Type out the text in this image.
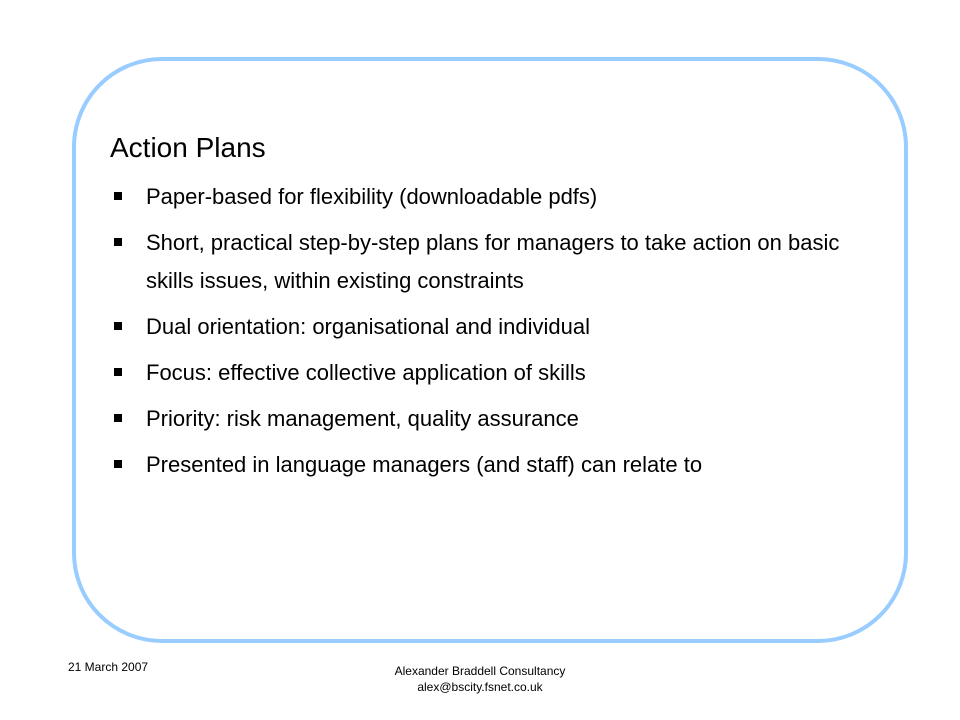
Action Plans
Paper-based for flexibility (downloadable pdfs)
Short, practical step-by-step plans for managers to take action on basic skills issues, within existing constraints
Dual orientation: organisational and individual
Focus: effective collective application of skills
Priority: risk management, quality assurance
Presented in language managers (and staff) can relate to
21 March 2007	Alexander Braddell Consultancy
alex@bscity.fsnet.co.uk
